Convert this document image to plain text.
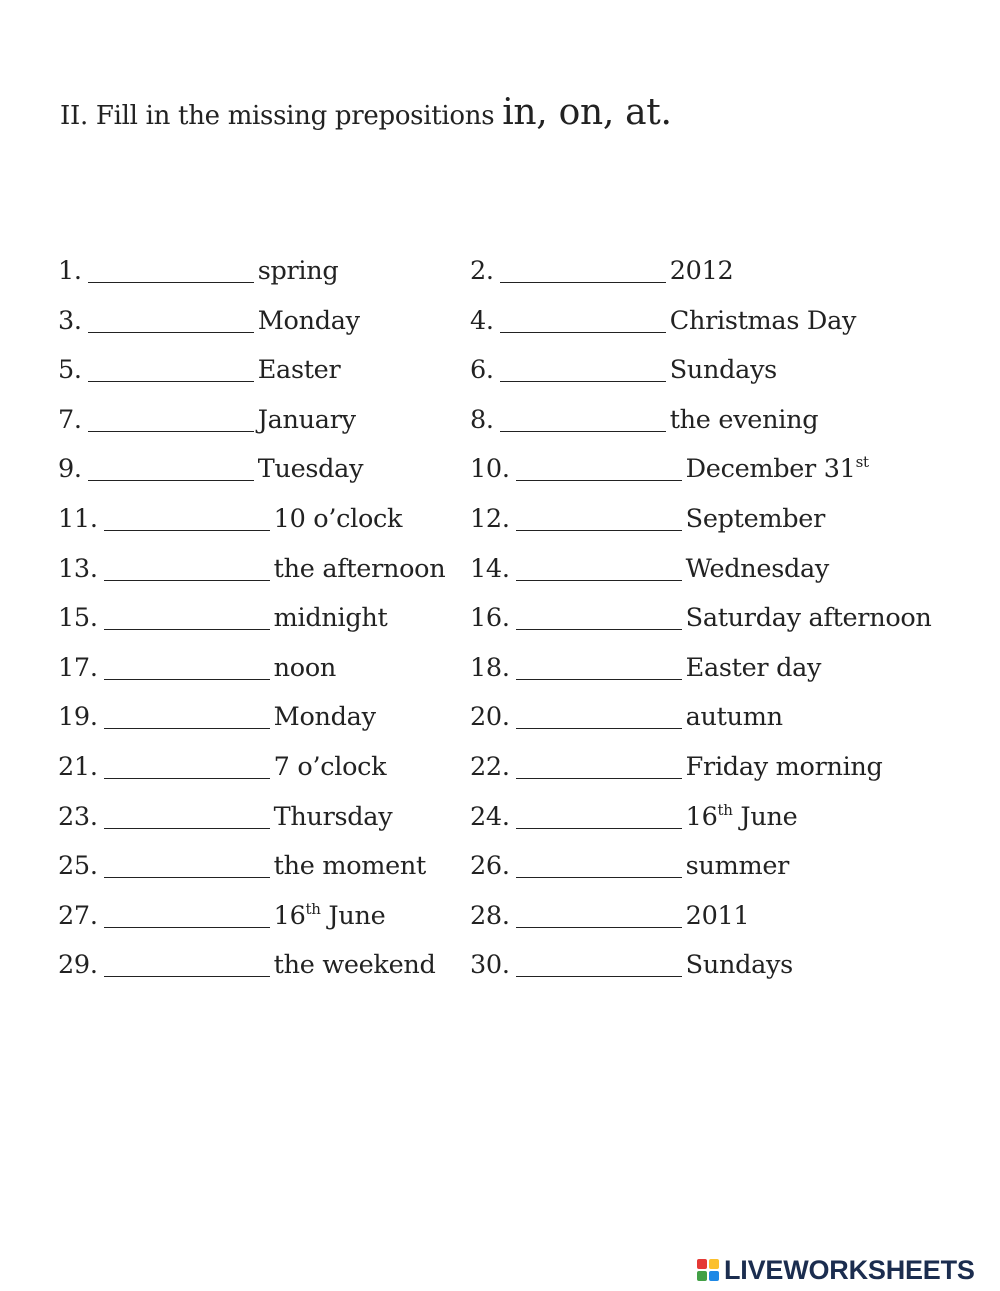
II. Fill in the missing prepositions in, on, at.
1.	spring	2.	2012
3.	Monday	4.	Christmas Day
5.	Easter	6.	Sundays
7.	January	8.	the evening
9.	Tuesday	10.	December 31st
11.	10 o’clock	12.	September
13.	the afternoon 14.	Wednesday
15.	midnight	16.	Saturday afternoon
17.	noon	18.	Easter day
19.	Monday	20.	autumn
21.	7 o’clock	22.	Friday morning
23.	Thursday	24.	16th June
25.	the moment 26.	summer
27.	16th June	28.	2011
29.	the weekend 30.	Sundays
LIVEWORKSHEETS
